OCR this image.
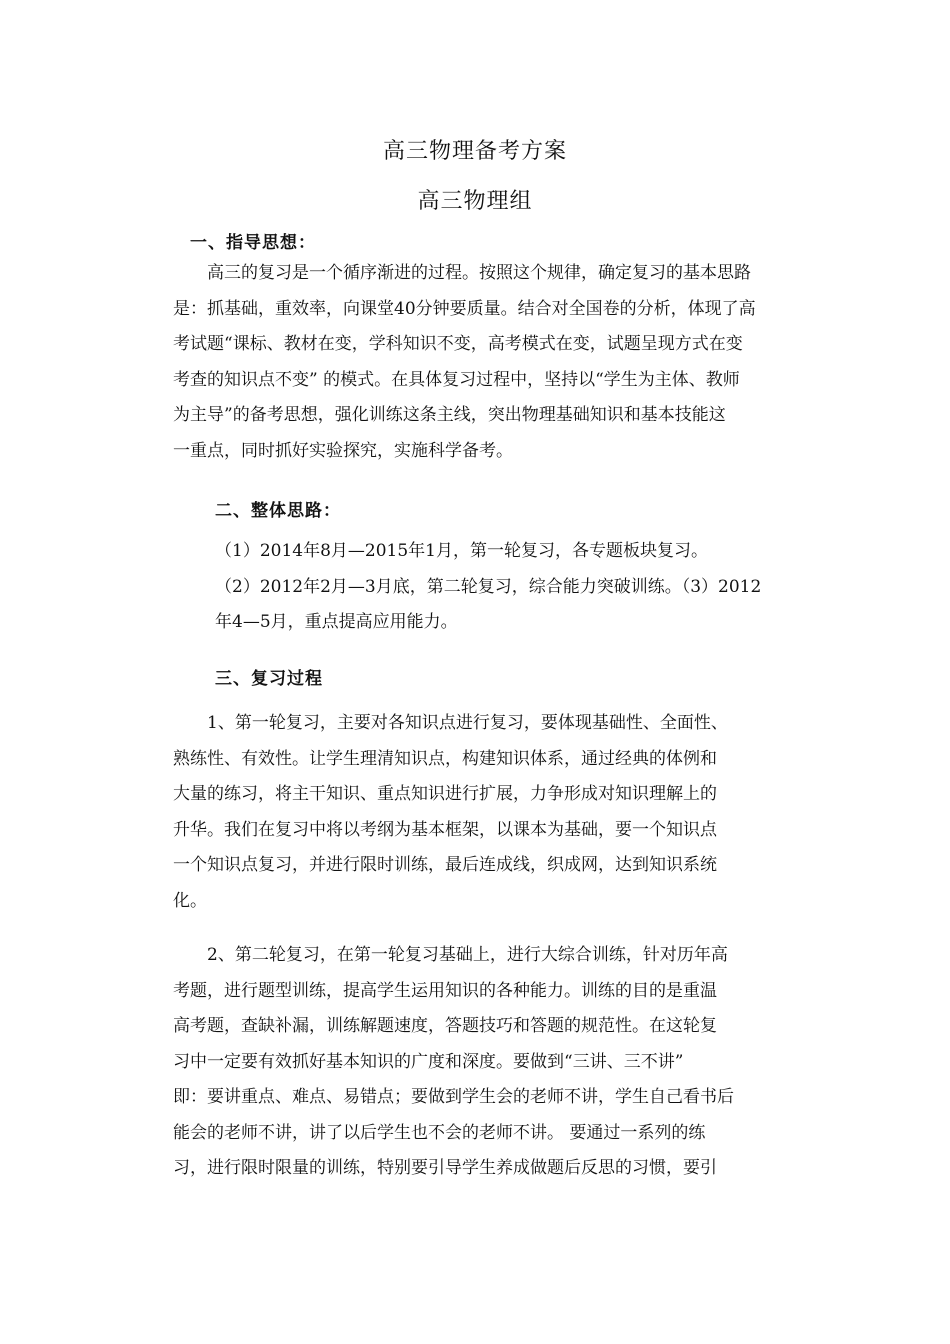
高三物理备考方案
高三物理组
一、指导思想：
高三的复习是一个循序渐进的过程。按照这个规律，确定复习的基本思路
是：抓基础，重效率，向课堂40分钟要质量。结合对全国卷的分析，体现了高
考试题“课标、教材在变，学科知识不变，高考模式在变，试题呈现方式在变
考查的知识点不变” 的模式。在具体复习过程中，坚持以“学生为主体、教师
为主导”的备考思想，强化训练这条主线，突出物理基础知识和基本技能这
一重点，同时抓好实验探究，实施科学备考。
二、整体思路：
（1）2014年8月—2015年1月，第一轮复习，各专题板块复习。
（2）2012年2月—3月底，第二轮复习，综合能力突破训练。（3）2012
年4—5月，重点提高应用能力。
三、复习过程
1、第一轮复习，主要对各知识点进行复习，要体现基础性、全面性、
熟练性、有效性。让学生理清知识点，构建知识体系，通过经典的体例和
大量的练习，将主干知识、重点知识进行扩展，力争形成对知识理解上的
升华。我们在复习中将以考纲为基本框架，以课本为基础，要一个知识点
一个知识点复习，并进行限时训练，最后连成线，织成网，达到知识系统
化。
2、第二轮复习，在第一轮复习基础上，进行大综合训练，针对历年高
考题，进行题型训练，提高学生运用知识的各种能力。训练的目的是重温
高考题，查缺补漏，训练解题速度，答题技巧和答题的规范性。在这轮复
习中一定要有效抓好基本知识的广度和深度。要做到“三讲、三不讲”
即：要讲重点、难点、易错点；要做到学生会的老师不讲，学生自己看书后
能会的老师不讲，讲了以后学生也不会的老师不讲。 要通过一系列的练
习，进行限时限量的训练，特别要引导学生养成做题后反思的习惯，要引
